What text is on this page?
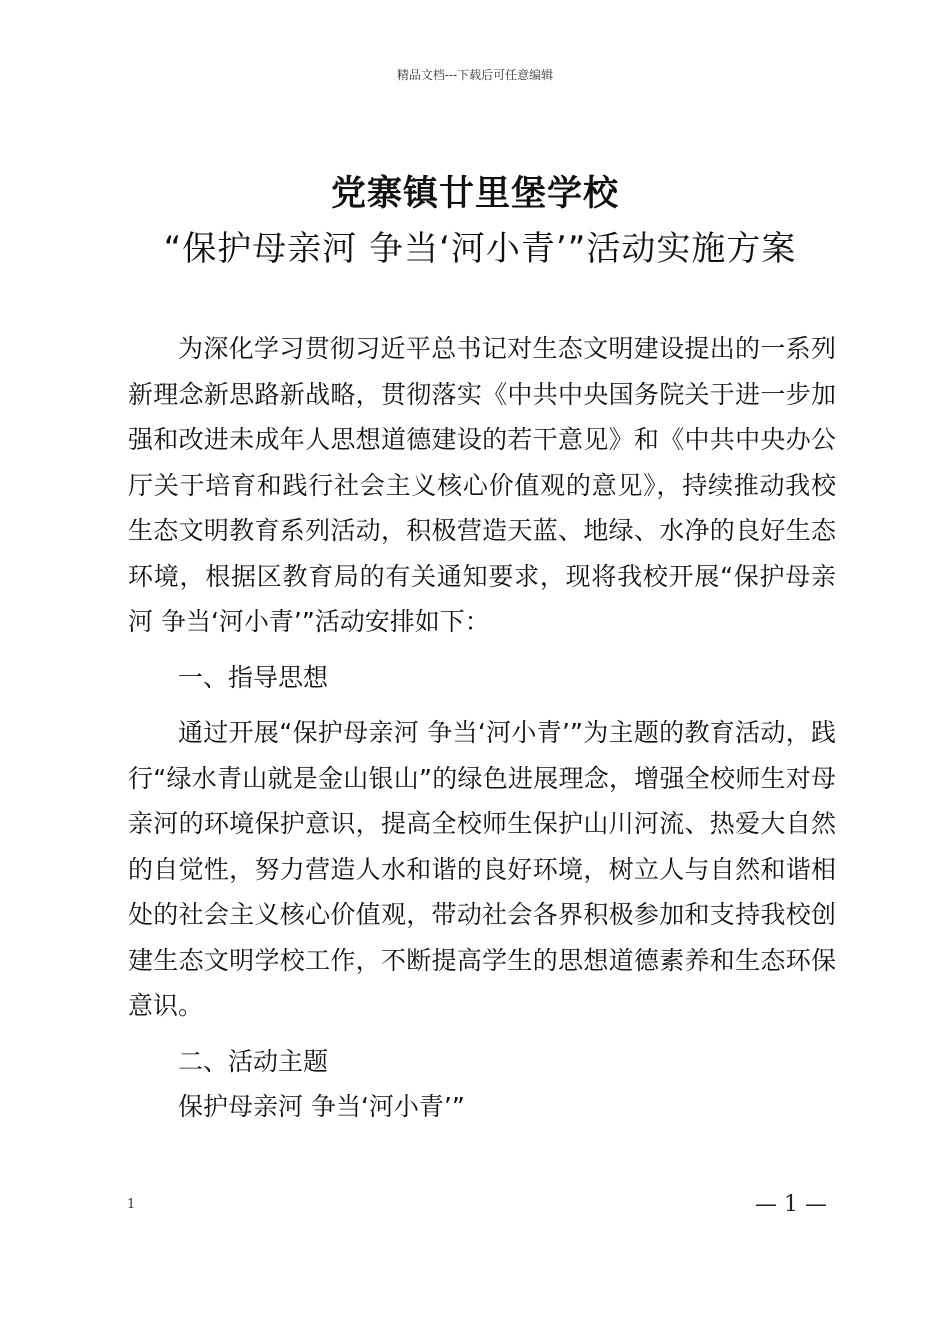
精品文档---下载后可任意编辑
党寨镇廿里堡学校
“保护母亲河 争当‘河小青’”活动实施方案

为深化学习贯彻习近平总书记对生态文明建设提出的一系列新理念新思路新战略，贯彻落实《中共中央国务院关于进一步加强和改进未成年人思想道德建设的若干意见》和《中共中央办公厅关于培育和践行社会主义核心价值观的意见》，持续推动我校生态文明教育系列活动，积极营造天蓝、地绿、水净的良好生态环境，根据区教育局的有关通知要求，现将我校开展“保护母亲河 争当‘河小青’”活动安排如下：

一、指导思想

通过开展“保护母亲河 争当‘河小青’”为主题的教育活动，践行“绿水青山就是金山银山”的绿色进展理念，增强全校师生对母亲河的环境保护意识，提高全校师生保护山川河流、热爱大自然的自觉性，努力营造人水和谐的良好环境，树立人与自然和谐相处的社会主义核心价值观，带动社会各界积极参加和支持我校创建生态文明学校工作，不断提高学生的思想道德素养和生态环保意识。

二、活动主题

保护母亲河 争当‘河小青’”

1	— 1 —
